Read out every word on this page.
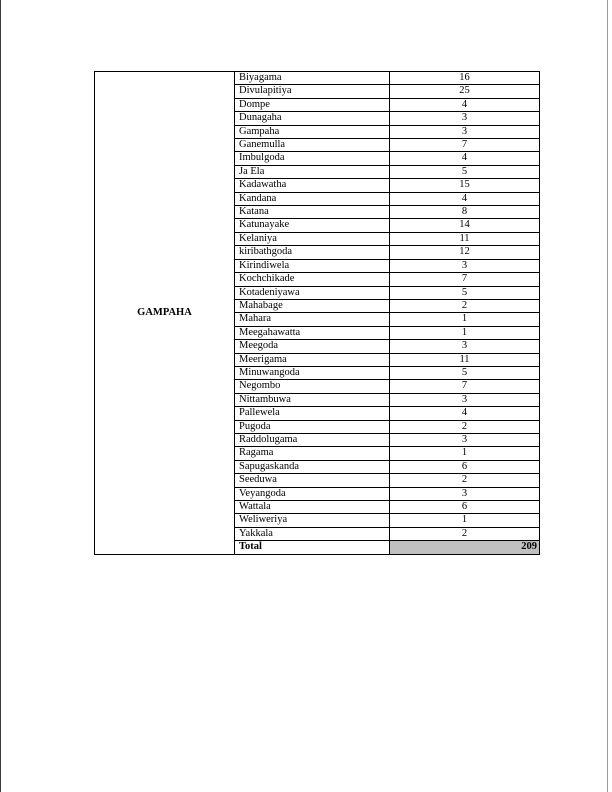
GAMPAHA	Biyagama	16
	Divulapitiya	25
	Dompe	4
	Dunagaha	3
	Gampaha	3
	Ganemulla	7
	Imbulgoda	4
	Ja Ela	5
	Kadawatha	15
	Kandana	4
	Katana	8
	Katunayake	14
	Kelaniya	11
	kiribathgoda	12
	Kirindiwela	3
	Kochchikade	7
	Kotadeniyawa	5
	Mahabage	2
	Mahara	1
	Meegahawatta	1
	Meegoda	3
	Meerigama	11
	Minuwangoda	5
	Negombo	7
	Nittambuwa	3
	Pallewela	4
	Pugoda	2
	Raddolugama	3
	Ragama	1
	Sapugaskanda	6
	Seeduwa	2
	Veyangoda	3
	Wattala	6
	Weliweriya	1
	Yakkala	2
	Total	209
